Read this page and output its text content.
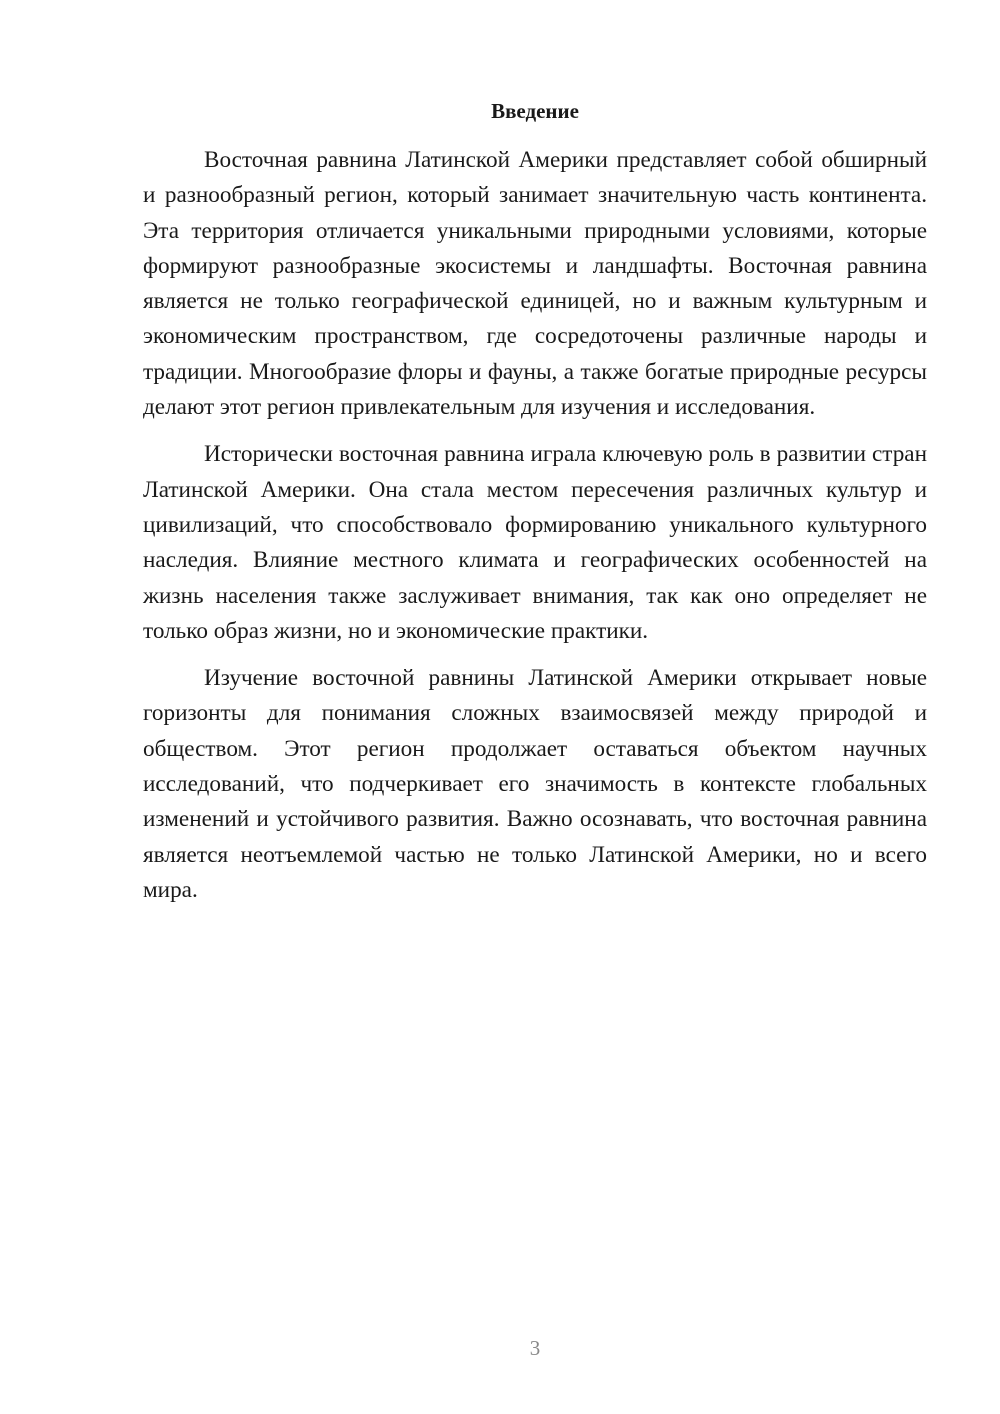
Введение

Восточная равнина Латинской Америки представляет собой обширный и разнообразный регион, который занимает значительную часть континента. Эта территория отличается уникальными природными условиями, которые формируют разнообразные экосистемы и ландшафты. Восточная равнина является не только географической единицей, но и важным культурным и экономическим пространством, где сосредоточены различные народы и традиции. Многообразие флоры и фауны, а также богатые природные ресурсы делают этот регион привлекательным для изучения и исследования.

Исторически восточная равнина играла ключевую роль в развитии стран Латинской Америки. Она стала местом пересечения различных культур и цивилизаций, что способствовало формированию уникального культурного наследия. Влияние местного климата и географических особенностей на жизнь населения также заслуживает внимания, так как оно определяет не только образ жизни, но и экономические практики.

Изучение восточной равнины Латинской Америки открывает новые горизонты для понимания сложных взаимосвязей между природой и обществом. Этот регион продолжает оставаться объектом научных исследований, что подчеркивает его значимость в контексте глобальных изменений и устойчивого развития. Важно осознавать, что восточная равнина является неотъемлемой частью не только Латинской Америки, но и всего мира.

3
